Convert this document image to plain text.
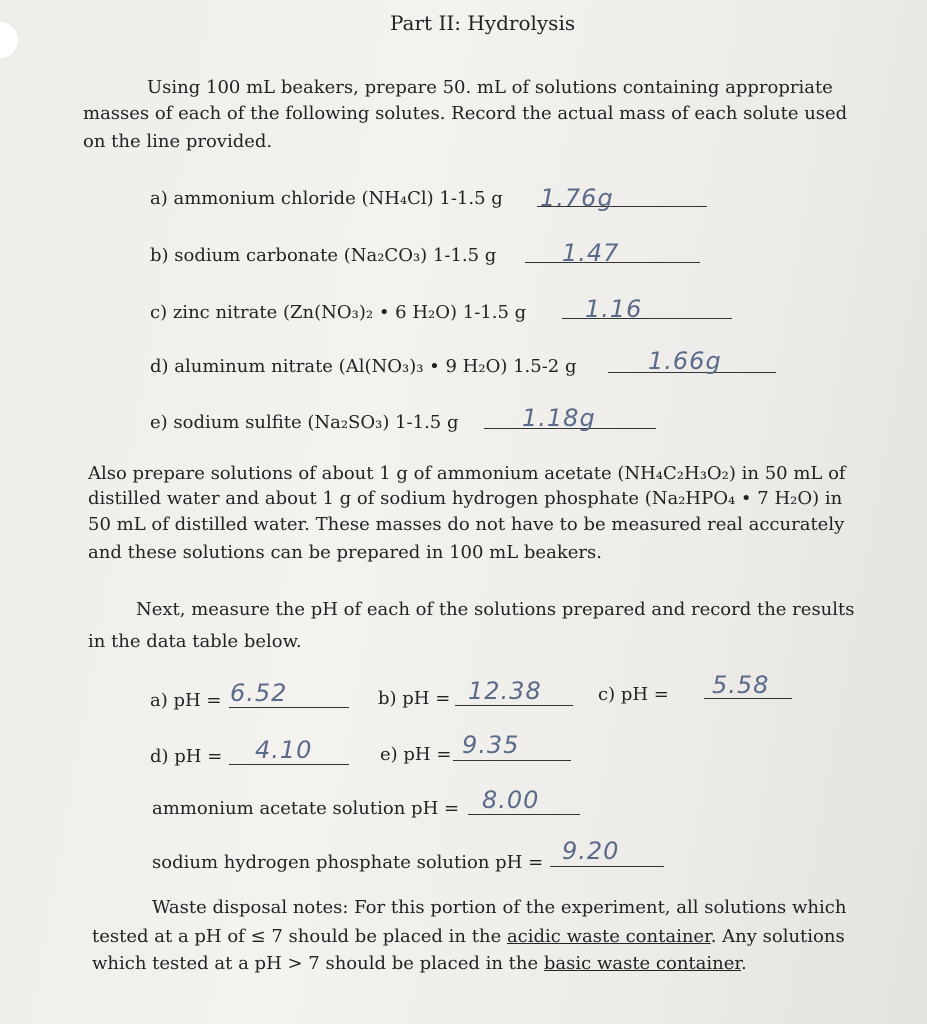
Part II: Hydrolysis
Using 100 mL beakers, prepare 50. mL of solutions containing appropriate
masses of each of the following solutes. Record the actual mass of each solute used
on the line provided.
a) ammonium chloride (NH₄Cl) 1-1.5 g 1.76g
b) sodium carbonate (Na₂CO₃) 1-1.5 g	1.47
c) zinc nitrate (Zn(NO₃)₂ • 6 H₂O) 1-1.5 g 1.16
d) aluminum nitrate (Al(NO₃)₃ • 9 H₂O) 1.5-2 g	1.66g
e) sodium sulfite (Na₂SO₃) 1-1.5 g	1.18g
Also prepare solutions of about 1 g of ammonium acetate (NH₄C₂H₃O₂) in 50 mL of
distilled water and about 1 g of sodium hydrogen phosphate (Na₂HPO₄ • 7 H₂O) in
50 mL of distilled water. These masses do not have to be measured real accurately
and these solutions can be prepared in 100 mL beakers.
Next, measure the pH of each of the solutions prepared and record the results
in the data table below.
a) pH = 6.52	b) pH = 12.38	c) pH = 5.58
d) pH = 4.10	e) pH = 9.35
ammonium acetate solution pH = 8.00
sodium hydrogen phosphate solution pH = 9.20
Waste disposal notes: For this portion of the experiment, all solutions which
tested at a pH of ≤ 7 should be placed in the acidic waste container. Any solutions
which tested at a pH > 7 should be placed in the basic waste container.
